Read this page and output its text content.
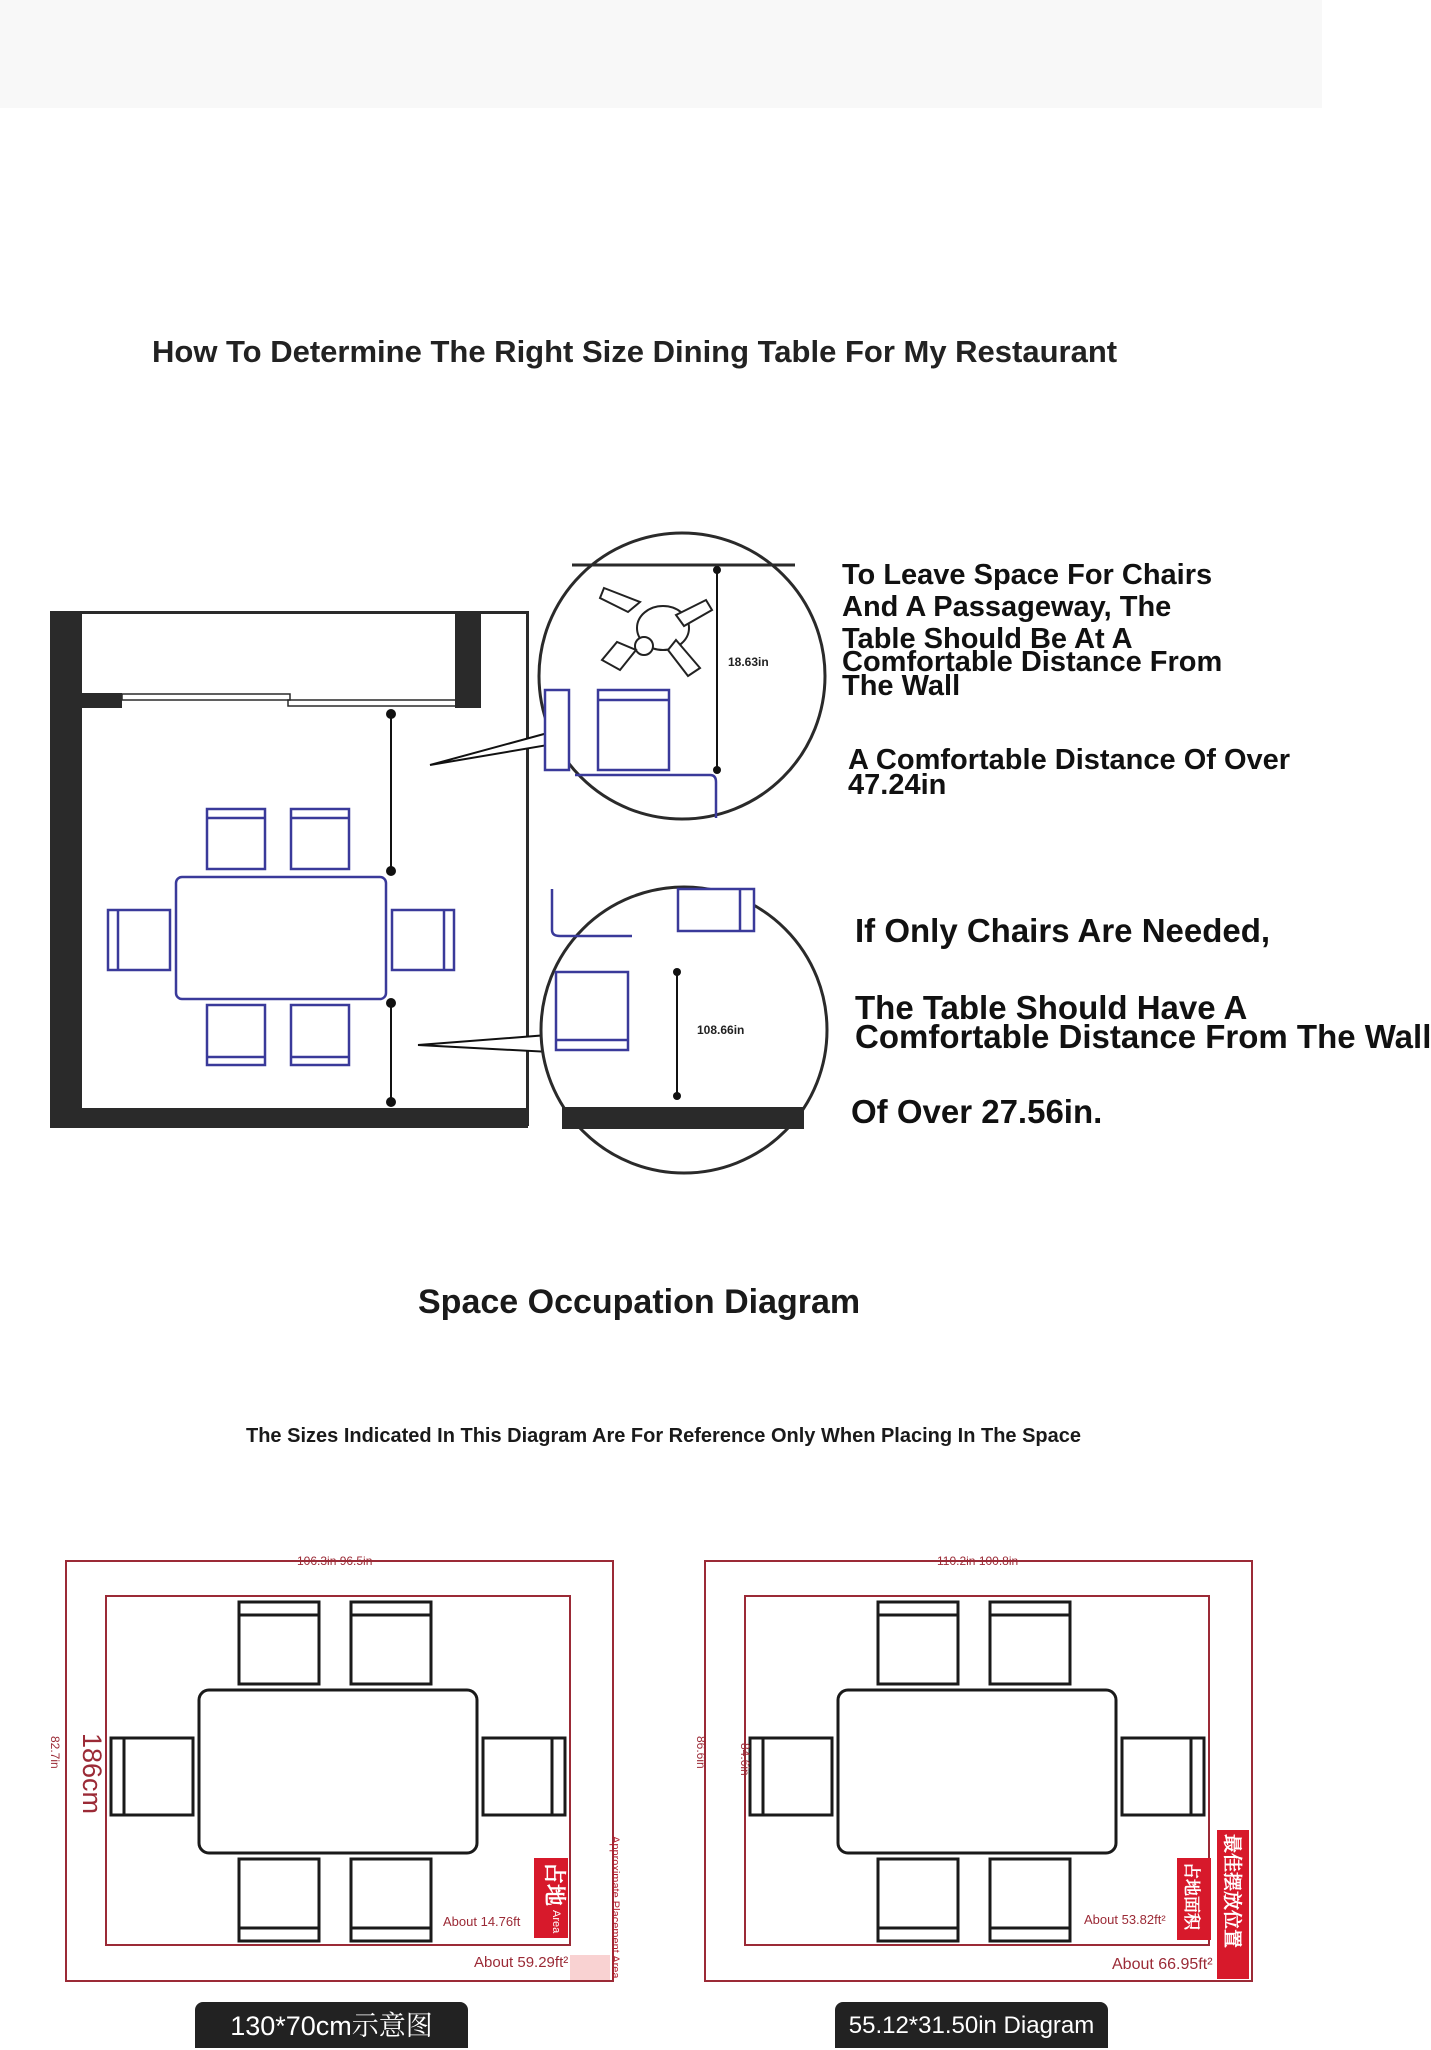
How To Determine The Right Size Dining Table For My Restaurant
18.63in
108.66in
106.3in 96.5in
82.7in 186cm
占地
Area	Approximate Placement Area
About 14.76ft
About 59.29ft²
110.2in 100.8in
86.6in	84.6in
占地面积 最佳摆放位置
About 53.82ft²
About 66.95ft²
To Leave Space For Chairs
And A Passageway, The
Table Should Be At A
Comfortable Distance From
The Wall
A Comfortable Distance Of Over
47.24in
If Only Chairs Are Needed,
The Table Should Have A
Comfortable Distance From The Wall
Of Over 27.56in.
Space Occupation Diagram
The Sizes Indicated In This Diagram Are For Reference Only When Placing In The Space
130*70cm示意图	55.12*31.50in Diagram
